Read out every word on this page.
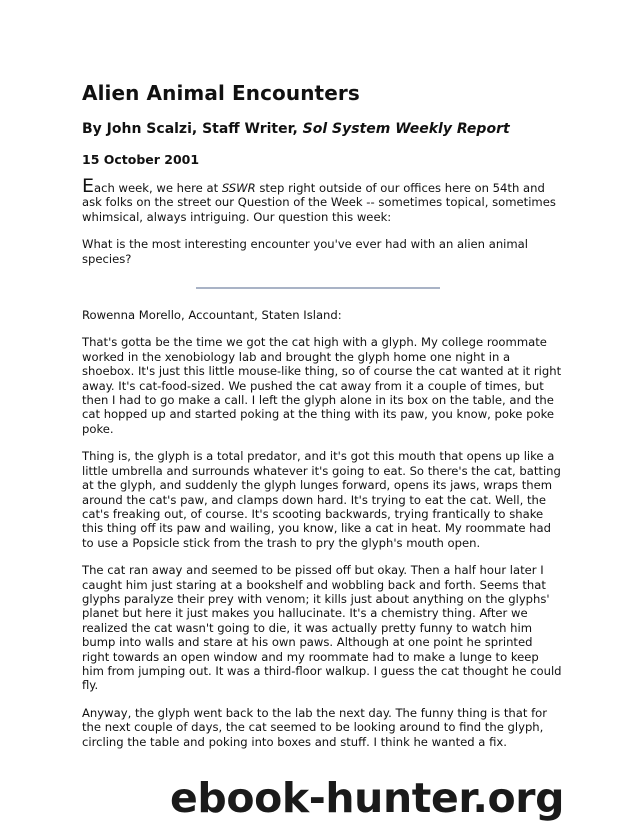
Alien Animal Encounters
By John Scalzi, Staff Writer, Sol System Weekly Report
15 October 2001

Each week, we here at SSWR step right outside of our offices here on 54th and ask folks on the street our Question of the Week -- sometimes topical, sometimes whimsical, always intriguing. Our question this week:

What is the most interesting encounter you've ever had with an alien animal species?

Rowenna Morello, Accountant, Staten Island:

That's gotta be the time we got the cat high with a glyph. My college roommate worked in the xenobiology lab and brought the glyph home one night in a shoebox. It's just this little mouse-like thing, so of course the cat wanted at it right away. It's cat-food-sized. We pushed the cat away from it a couple of times, but then I had to go make a call. I left the glyph alone in its box on the table, and the cat hopped up and started poking at the thing with its paw, you know, poke poke poke.

Thing is, the glyph is a total predator, and it's got this mouth that opens up like a little umbrella and surrounds whatever it's going to eat. So there's the cat, batting at the glyph, and suddenly the glyph lunges forward, opens its jaws, wraps them around the cat's paw, and clamps down hard. It's trying to eat the cat. Well, the cat's freaking out, of course. It's scooting backwards, trying frantically to shake this thing off its paw and wailing, you know, like a cat in heat. My roommate had to use a Popsicle stick from the trash to pry the glyph's mouth open.

The cat ran away and seemed to be pissed off but okay. Then a half hour later I caught him just staring at a bookshelf and wobbling back and forth. Seems that glyphs paralyze their prey with venom; it kills just about anything on the glyphs' planet but here it just makes you hallucinate. It's a chemistry thing. After we realized the cat wasn't going to die, it was actually pretty funny to watch him bump into walls and stare at his own paws. Although at one point he sprinted right towards an open window and my roommate had to make a lunge to keep him from jumping out. It was a third-floor walkup. I guess the cat thought he could fly.

Anyway, the glyph went back to the lab the next day. The funny thing is that for the next couple of days, the cat seemed to be looking around to find the glyph, circling the table and poking into boxes and stuff. I think he wanted a fix.

ebook-hunter.org
